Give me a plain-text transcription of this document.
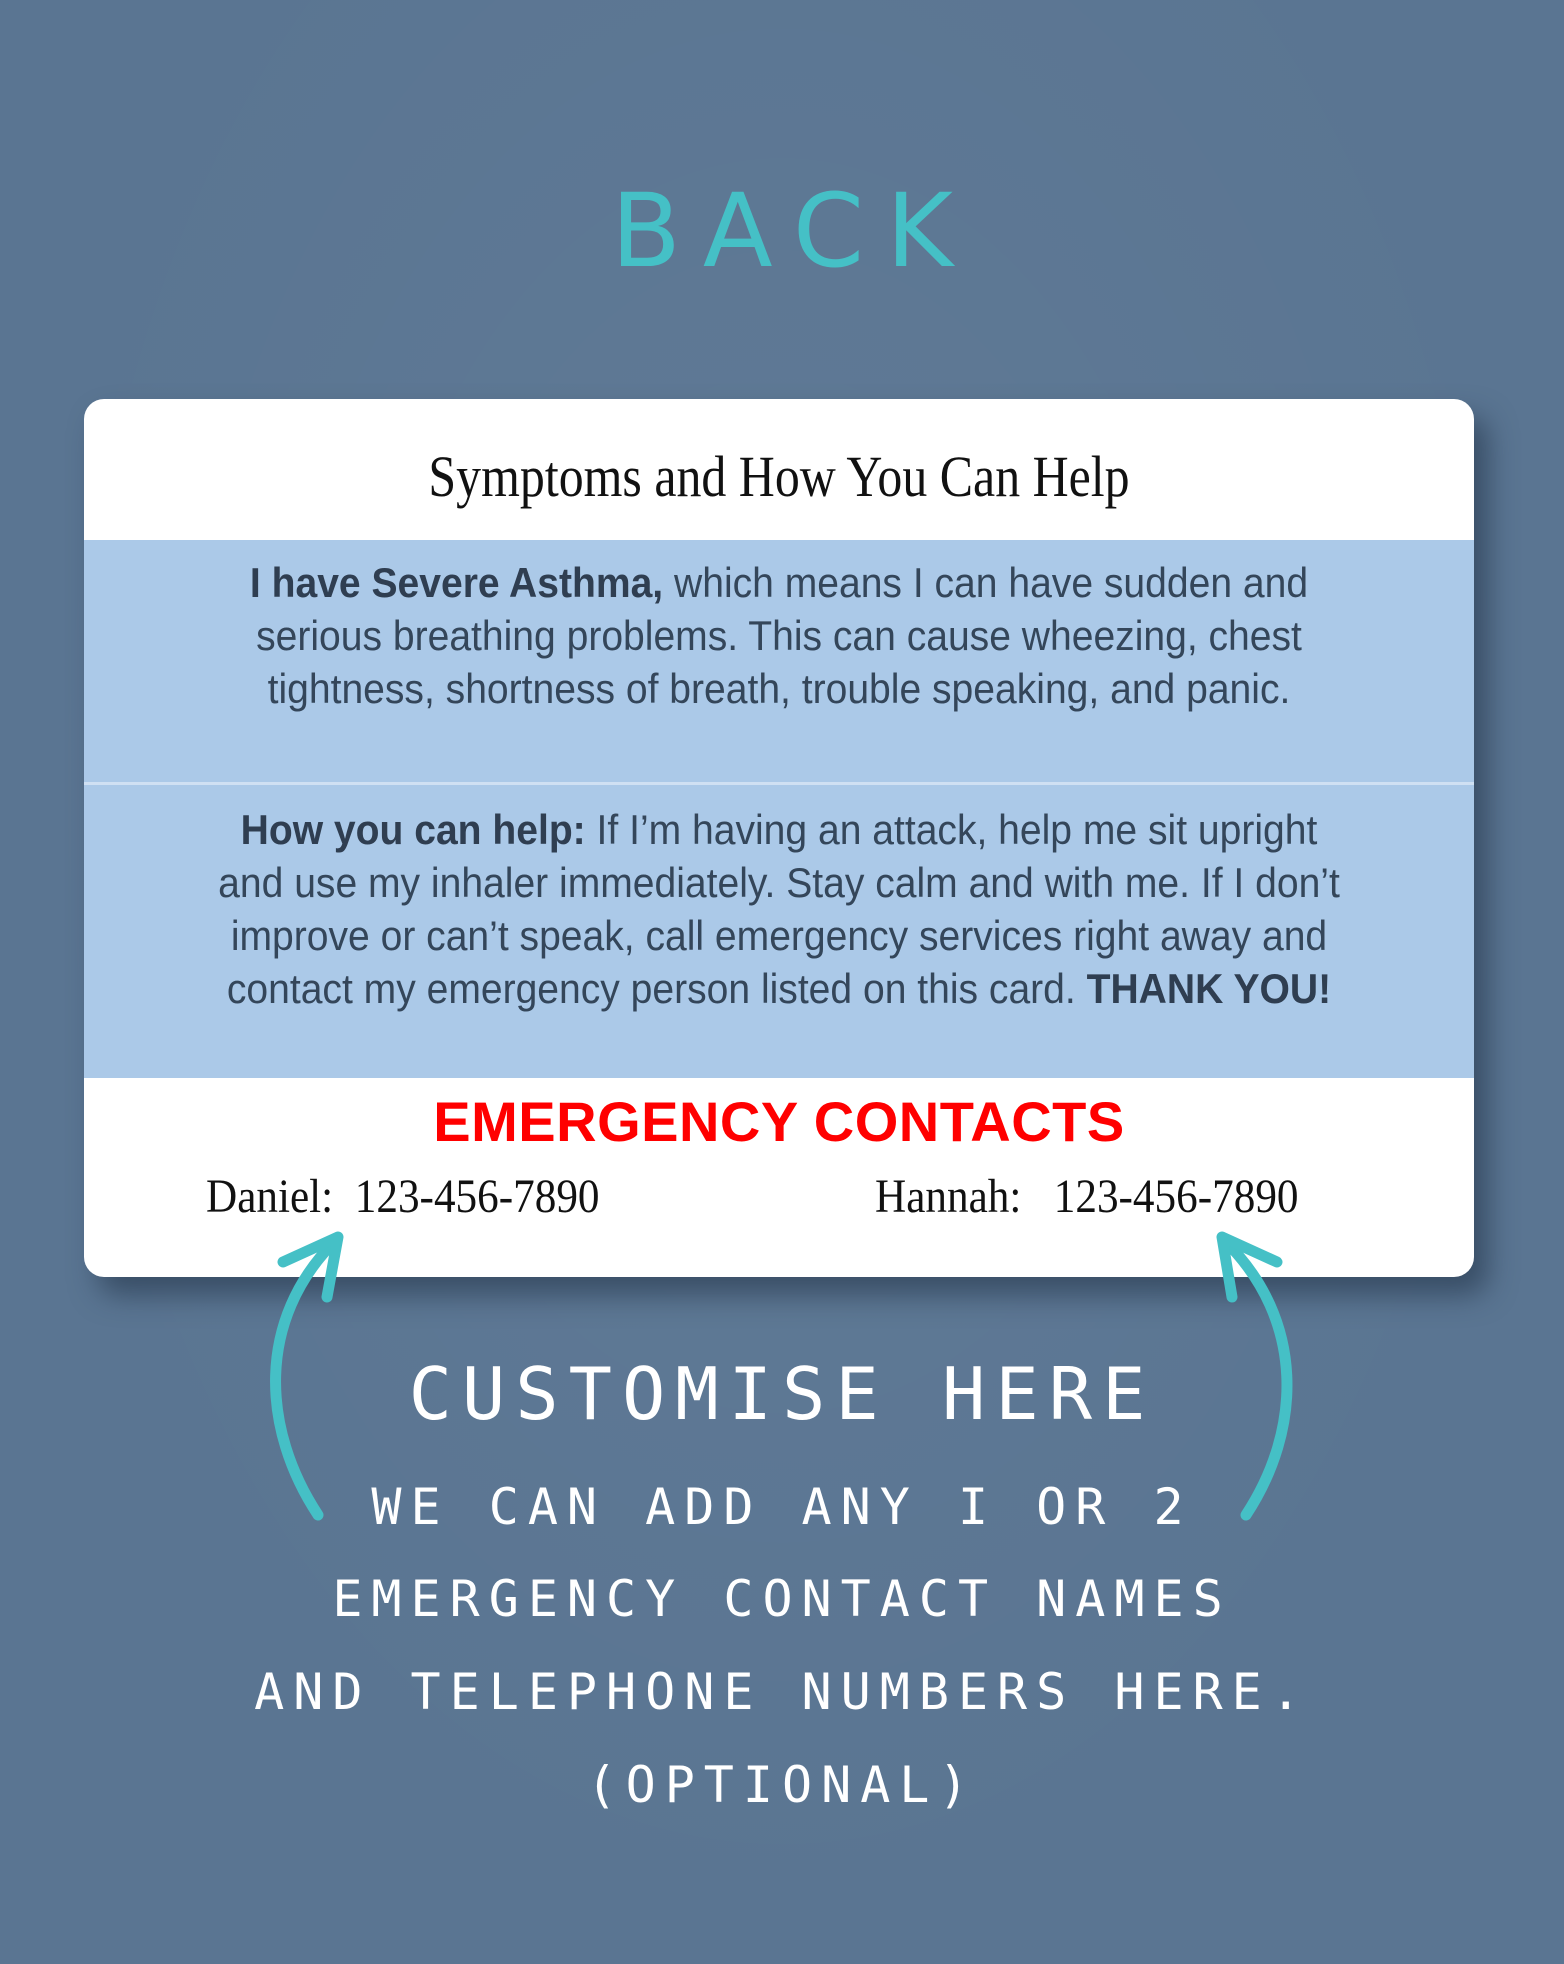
BACK
Symptoms and How You Can Help
I have Severe Asthma, which means I can have sudden and serious breathing problems. This can cause wheezing, chest tightness, shortness of breath, trouble speaking, and panic.
How you can help: If I’m having an attack, help me sit upright and use my inhaler immediately. Stay calm and with me. If I don’t improve or can’t speak, call emergency services right away and contact my emergency person listed on this card. THANK YOU!
EMERGENCY CONTACTS
Daniel: 123-456-7890	Hannah: 123-456-7890
CUSTOMISE HERE
WE CAN ADD ANY I OR 2
EMERGENCY CONTACT NAMES
AND TELEPHONE NUMBERS HERE.
(OPTIONAL)
